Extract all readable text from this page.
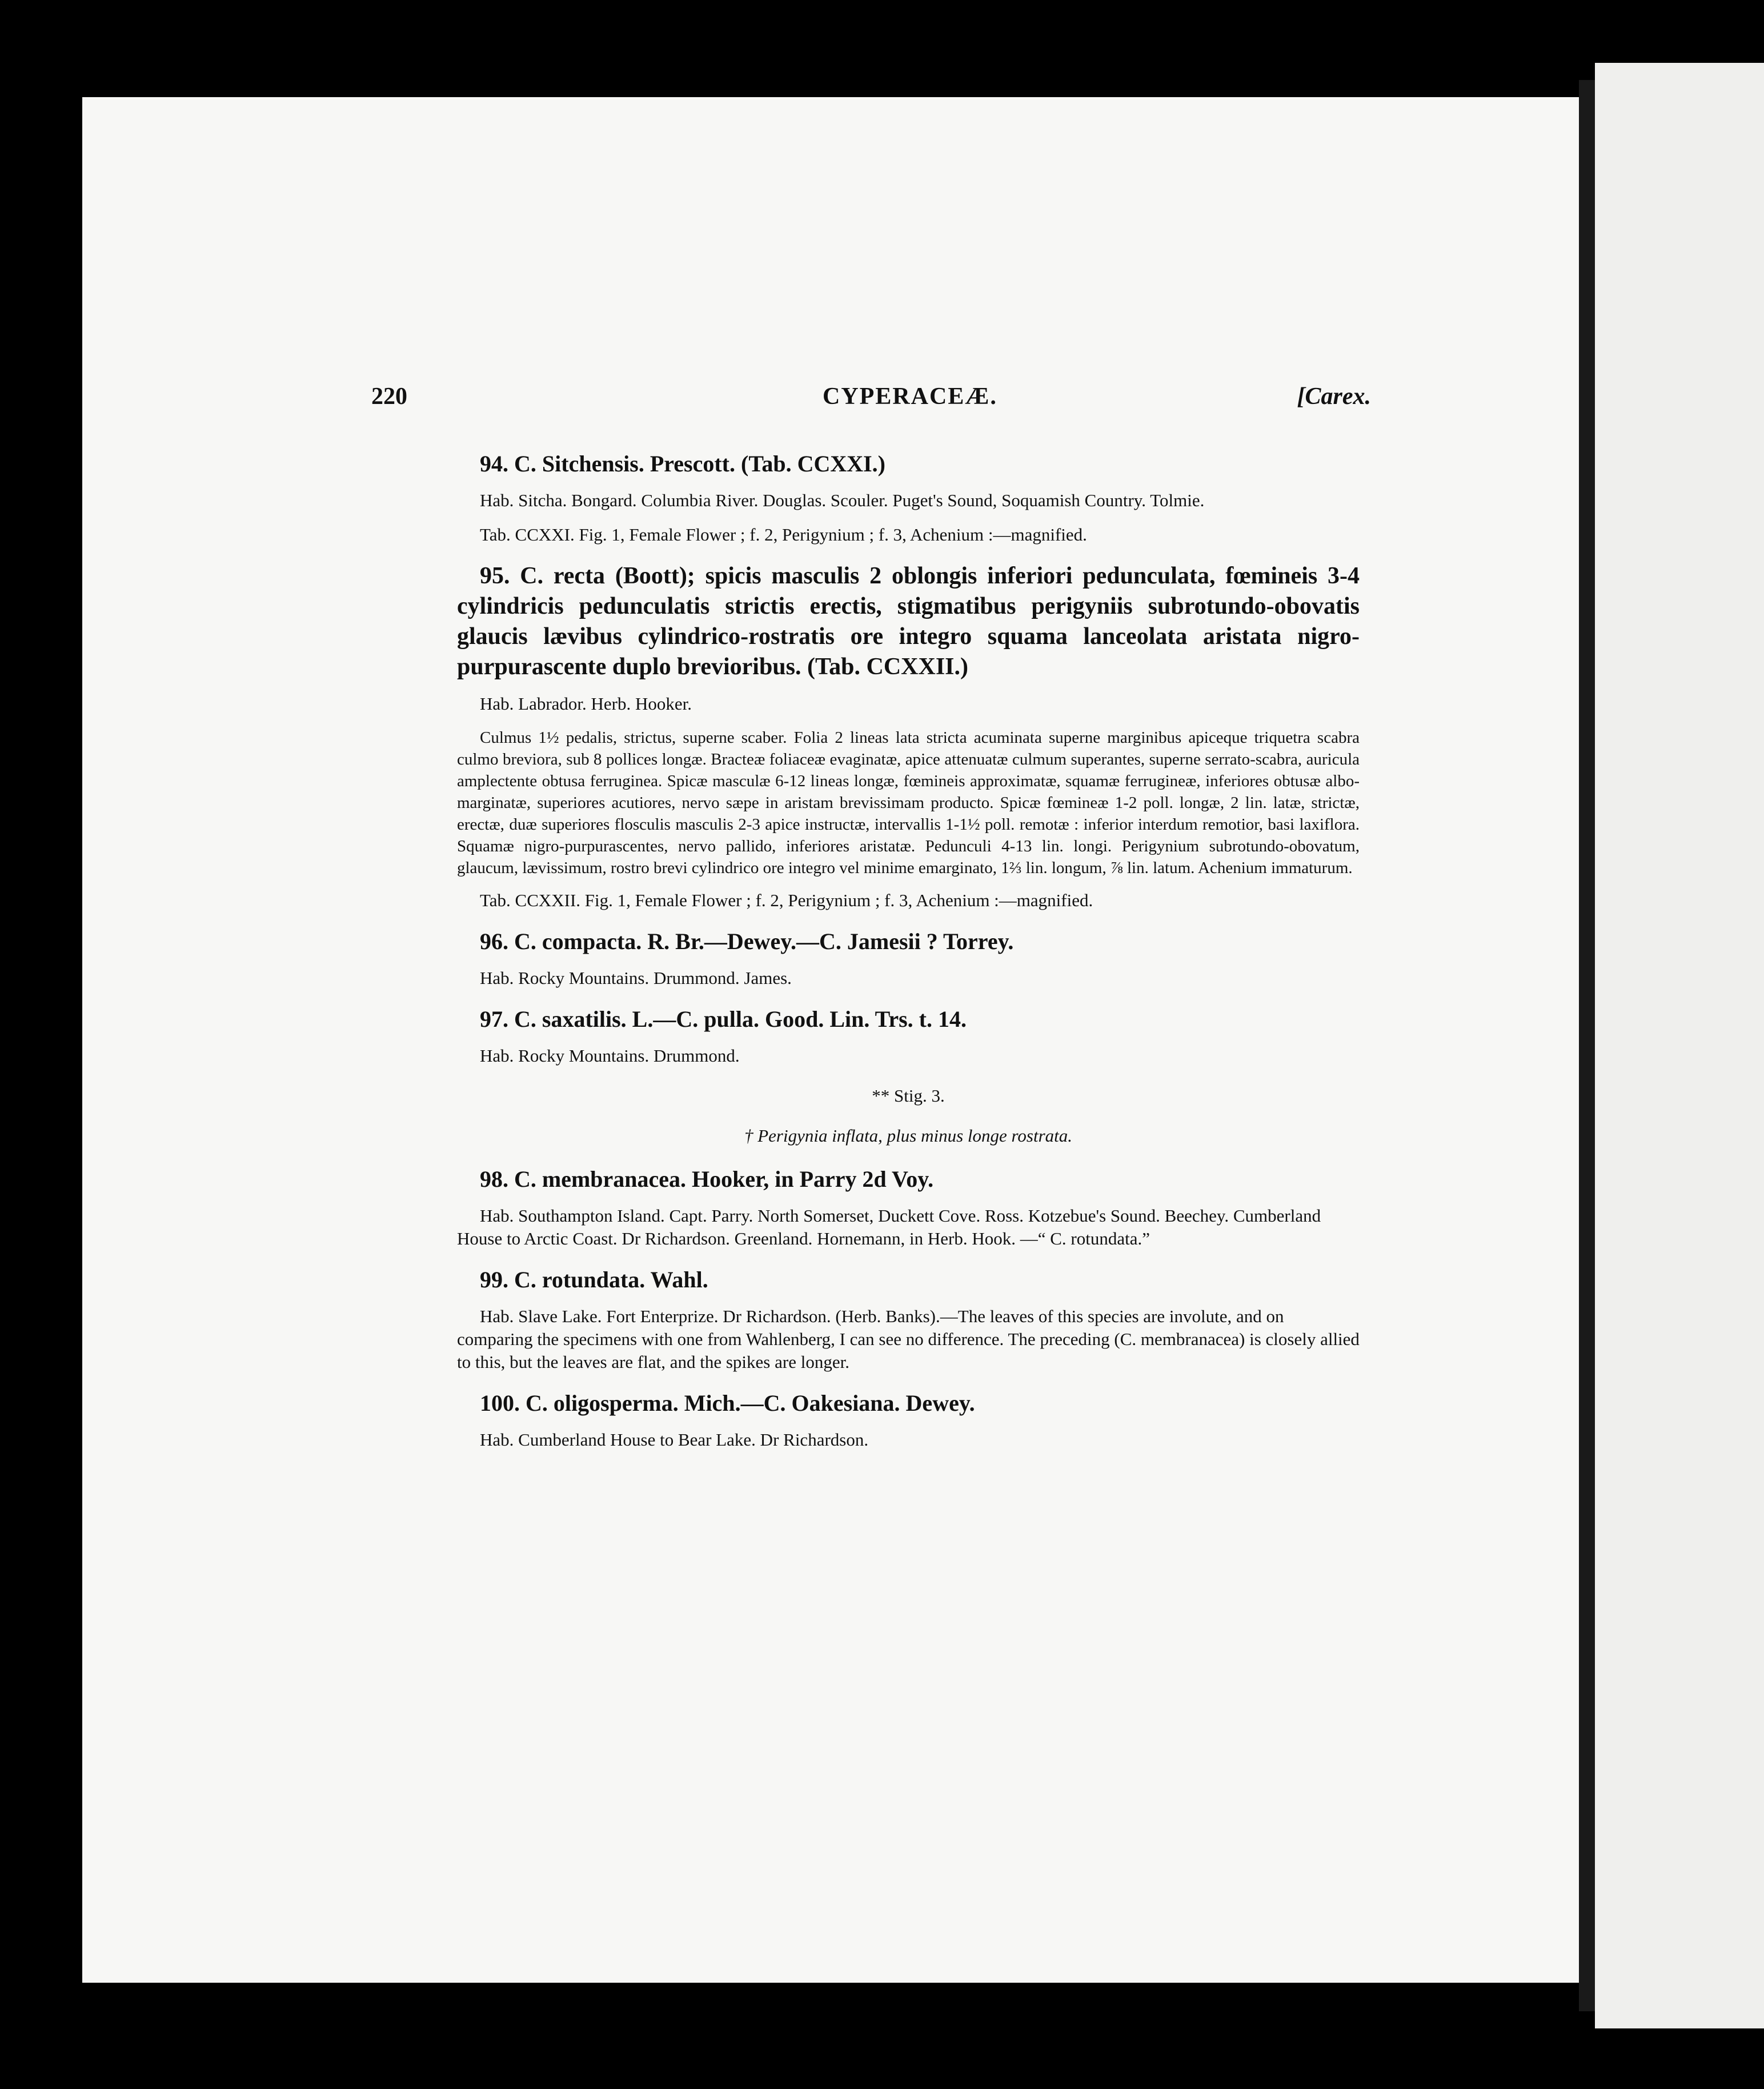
220	CYPERACEÆ.	[Carex.

94. C. Sitchensis. Prescott. (Tab. CCXXI.)

Hab. Sitcha. Bongard. Columbia River. Douglas. Scouler. Puget's Sound, Soquamish Country. Tolmie.

Tab. CCXXI. Fig. 1, Female Flower ; f. 2, Perigynium ; f. 3, Achenium :—magnified.

95. C. recta (Boott); spicis masculis 2 oblongis inferiori pedunculata, fœmineis 3-4 cylindricis pedunculatis strictis erectis, stigmatibus perigyniis subrotundo-obovatis glaucis lævibus cylindrico-rostratis ore integro squama lanceolata aristata nigro-purpurascente duplo brevioribus. (Tab. CCXXII.)

Hab. Labrador. Herb. Hooker.

Culmus 1½ pedalis, strictus, superne scaber. Folia 2 lineas lata stricta acuminata superne marginibus apiceque triquetra scabra culmo breviora, sub 8 pollices longæ. Bracteæ foliaceæ evaginatæ, apice attenuatæ culmum superantes, superne serrato-scabra, auricula amplectente obtusa ferruginea. Spicæ masculæ 6-12 lineas longæ, fœmineis approximatæ, squamæ ferrugineæ, inferiores obtusæ albo-marginatæ, superiores acutiores, nervo sæpe in aristam brevissimam producto. Spicæ fœmineæ 1-2 poll. longæ, 2 lin. latæ, strictæ, erectæ, duæ superiores flosculis masculis 2-3 apice instructæ, intervallis 1-1½ poll. remotæ : inferior interdum remotior, basi laxiflora. Squamæ nigro-purpurascentes, nervo pallido, inferiores aristatæ. Pedunculi 4-13 lin. longi. Perigynium subrotundo-obovatum, glaucum, lævissimum, rostro brevi cylindrico ore integro vel minime emarginato, 1⅔ lin. longum, ⅞ lin. latum. Achenium immaturum.

Tab. CCXXII. Fig. 1, Female Flower ; f. 2, Perigynium ; f. 3, Achenium :—magnified.

96. C. compacta. R. Br.—Dewey.—C. Jamesii ? Torrey.

Hab. Rocky Mountains. Drummond. James.

97. C. saxatilis. L.—C. pulla. Good. Lin. Trs. t. 14.

Hab. Rocky Mountains. Drummond.

** Stig. 3.

† Perigynia inflata, plus minus longe rostrata.

98. C. membranacea. Hooker, in Parry 2d Voy.

Hab. Southampton Island. Capt. Parry. North Somerset, Duckett Cove. Ross. Kotzebue's Sound. Beechey. Cumberland House to Arctic Coast. Dr Richardson. Greenland. Hornemann, in Herb. Hook. —“ C. rotundata.”

99. C. rotundata. Wahl.

Hab. Slave Lake. Fort Enterprize. Dr Richardson. (Herb. Banks).—The leaves of this species are involute, and on comparing the specimens with one from Wahlenberg, I can see no difference. The preceding (C. membranacea) is closely allied to this, but the leaves are flat, and the spikes are longer.

100. C. oligosperma. Mich.—C. Oakesiana. Dewey.

Hab. Cumberland House to Bear Lake. Dr Richardson.
